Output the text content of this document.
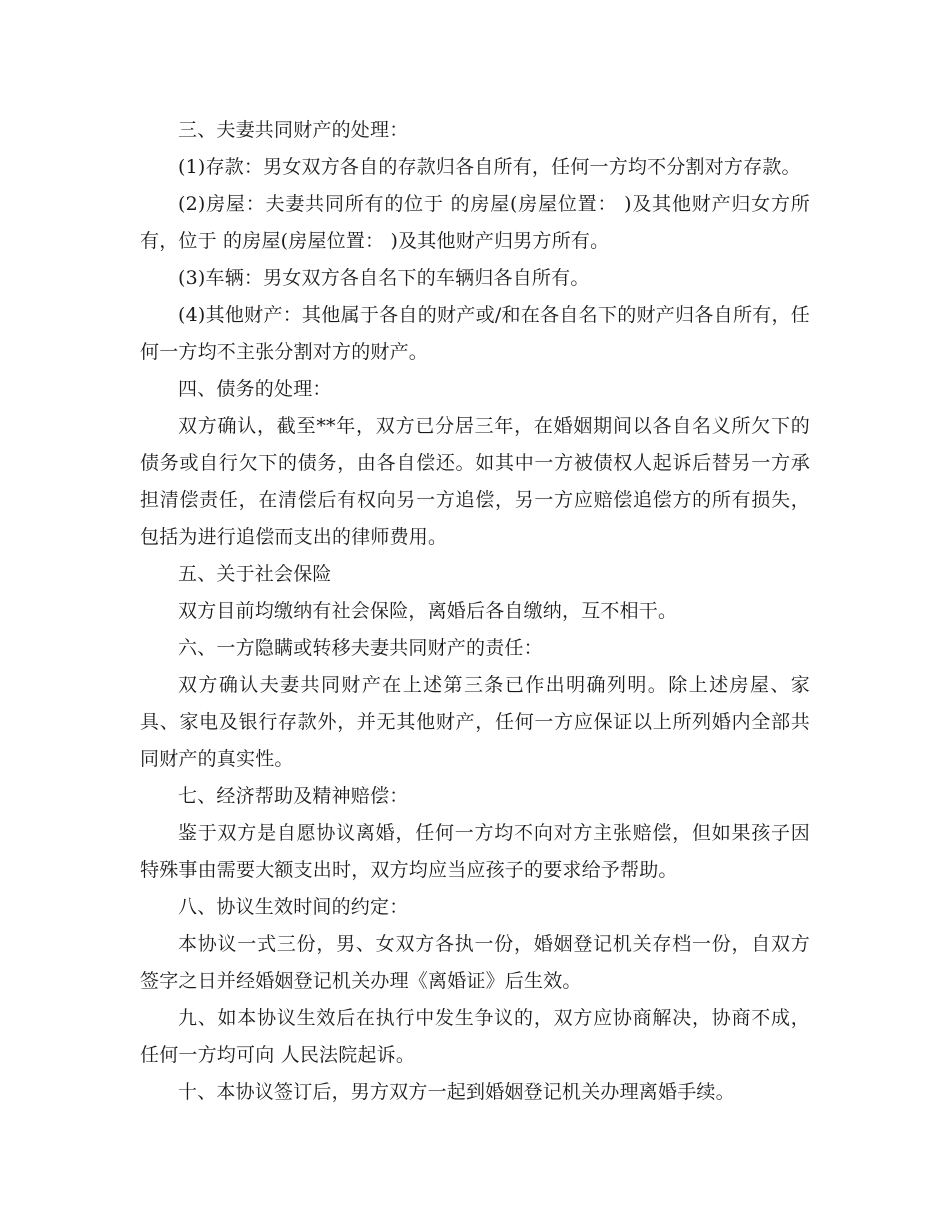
三、夫妻共同财产的处理：

(1)存款：男女双方各自的存款归各自所有，任何一方均不分割对方存款。

(2)房屋：夫妻共同所有的位于 的房屋(房屋位置： )及其他财产归女方所有，位于 的房屋(房屋位置： )及其他财产归男方所有。

(3)车辆：男女双方各自名下的车辆归各自所有。

(4)其他财产：其他属于各自的财产或/和在各自名下的财产归各自所有，任何一方均不主张分割对方的财产。

四、债务的处理：

双方确认，截至**年，双方已分居三年，在婚姻期间以各自名义所欠下的债务或自行欠下的债务，由各自偿还。如其中一方被债权人起诉后替另一方承担清偿责任，在清偿后有权向另一方追偿，另一方应赔偿追偿方的所有损失，包括为进行追偿而支出的律师费用。

五、关于社会保险

双方目前均缴纳有社会保险，离婚后各自缴纳，互不相干。

六、一方隐瞒或转移夫妻共同财产的责任：

双方确认夫妻共同财产在上述第三条已作出明确列明。除上述房屋、家具、家电及银行存款外，并无其他财产，任何一方应保证以上所列婚内全部共同财产的真实性。

七、经济帮助及精神赔偿：

鉴于双方是自愿协议离婚，任何一方均不向对方主张赔偿，但如果孩子因特殊事由需要大额支出时，双方均应当应孩子的要求给予帮助。

八、协议生效时间的约定：

本协议一式三份，男、女双方各执一份，婚姻登记机关存档一份，自双方签字之日并经婚姻登记机关办理《离婚证》后生效。

九、如本协议生效后在执行中发生争议的，双方应协商解决，协商不成，任何一方均可向 人民法院起诉。

十、本协议签订后，男方双方一起到婚姻登记机关办理离婚手续。
